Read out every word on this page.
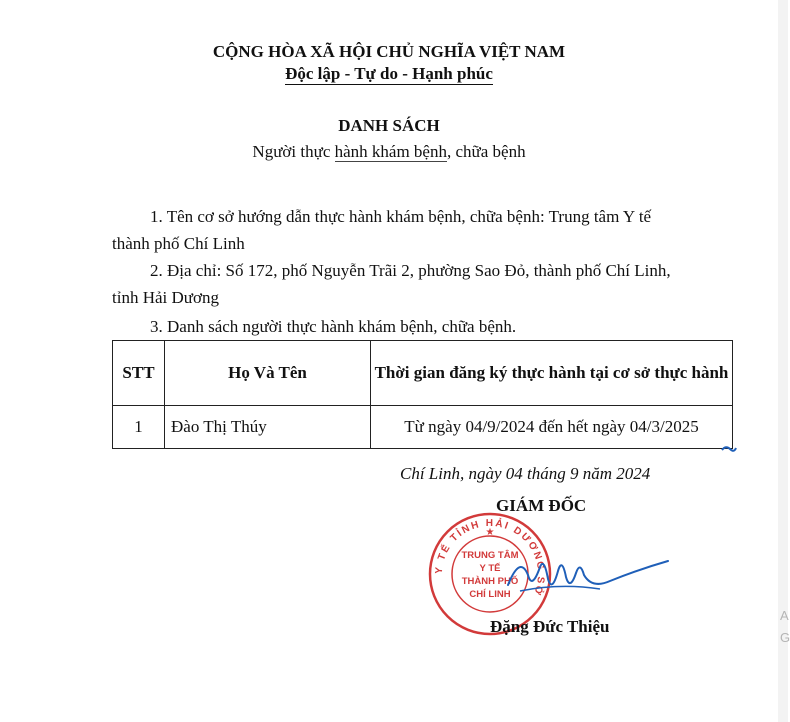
CỘNG HÒA XÃ HỘI CHỦ NGHĨA VIỆT NAM
Độc lập - Tự do - Hạnh phúc
DANH SÁCH
Người thực hành khám bệnh, chữa bệnh
1. Tên cơ sở hướng dẫn thực hành khám bệnh, chữa bệnh: Trung tâm Y tế
thành phố Chí Linh
2. Địa chỉ: Số 172, phố Nguyễn Trãi 2, phường Sao Đỏ, thành phố Chí Linh,
tỉnh Hải Dương
3. Danh sách người thực hành khám bệnh, chữa bệnh.
STT	Họ Và Tên	Thời gian đăng ký thực hành tại cơ sở thực hành
1	Đào Thị Thúy	Từ ngày 04/9/2024 đến hết ngày 04/3/2025
Chí Linh, ngày 04 tháng 9 năm 2024
GIÁM ĐỐC
Y TẾ TỈNH HẢI DƯƠNG SỞ
★
TRUNG TÂM
Y TẾ
THÀNH PHỐ
CHÍ LINH
Đặng Đức Thiệu
A
G
